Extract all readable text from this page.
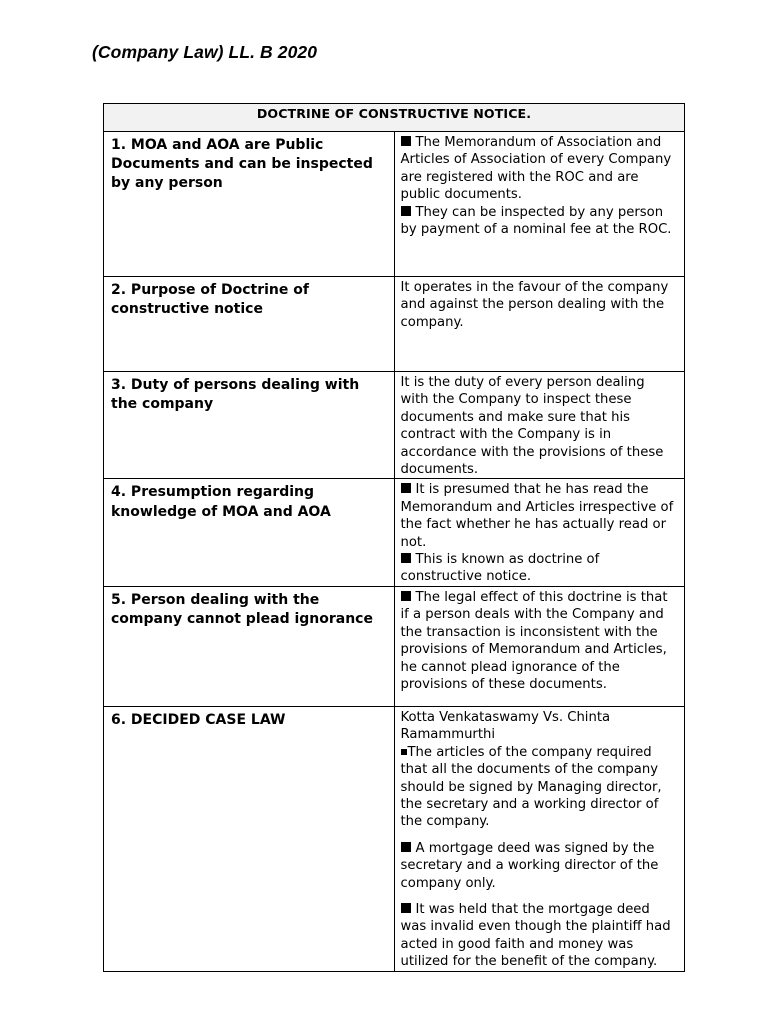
(Company Law) LL. B 2020
DOCTRINE OF CONSTRUCTIVE NOTICE.	
1. MOA and AOA are Public Documents and can be inspected by any person	The Memorandum of Association and Articles of Association of every Company are registered with the ROC and are public documents.
They can be inspected by any person by payment of a nominal fee at the ROC.

2. Purpose of Doctrine of constructive notice	It operates in the favour of the company and against the person dealing with the company.

3. Duty of persons dealing with the company	It is the duty of every person dealing with the Company to inspect these documents and make sure that his contract with the Company is in accordance with the provisions of these documents.

4. Presumption regarding knowledge of MOA and AOA	It is presumed that he has read the Memorandum and Articles irrespective of the fact whether he has actually read or not.
This is known as doctrine of constructive notice.

5. Person dealing with the company cannot plead ignorance	The legal effect of this doctrine is that if a person deals with the Company and the transaction is inconsistent with the provisions of Memorandum and Articles, he cannot plead ignorance of the provisions of these documents.

6. DECIDED CASE LAW	Kotta Venkataswamy Vs. Chinta Ramammurthi
The articles of the company required that all the documents of the company should be signed by Managing director, the secretary and a working director of the company.
A mortgage deed was signed by the secretary and a working director of the company only.
It was held that the mortgage deed was invalid even though the plaintiff had acted in good faith and money was utilized for the benefit of the company.
